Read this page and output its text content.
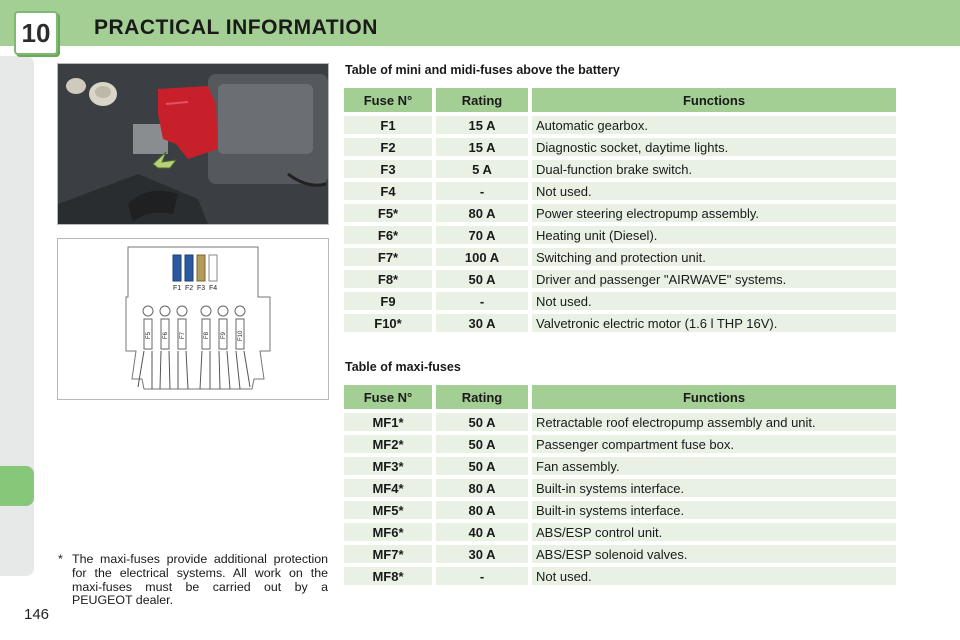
10	PRACTICAL INFORMATION
F1 F2 F3 F4
F5 F6 F7	F8 F9 F10
* The maxi-fuses provide additional protection for the electrical systems. All work on the maxi-fuses must be carried out by a PEUGEOT dealer.
146
Table of mini and midi-fuses above the battery
Fuse N°	Rating	Functions
F1	15 A	Automatic gearbox.
F2	15 A	Diagnostic socket, daytime lights.
F3	5 A	Dual-function brake switch.
F4	-	Not used.
F5*	80 A	Power steering electropump assembly.
F6*	70 A	Heating unit (Diesel).
F7*	100 A	Switching and protection unit.
F8*	50 A	Driver and passenger "AIRWAVE" systems.
F9	-	Not used.
F10*	30 A	Valvetronic electric motor (1.6 l THP 16V).
Table of maxi-fuses
Fuse N°	Rating	Functions
MF1*	50 A	Retractable roof electropump assembly and unit.
MF2*	50 A	Passenger compartment fuse box.
MF3*	50 A	Fan assembly.
MF4*	80 A	Built-in systems interface.
MF5*	80 A	Built-in systems interface.
MF6*	40 A	ABS/ESP control unit.
MF7*	30 A	ABS/ESP solenoid valves.
MF8*	-	Not used.
